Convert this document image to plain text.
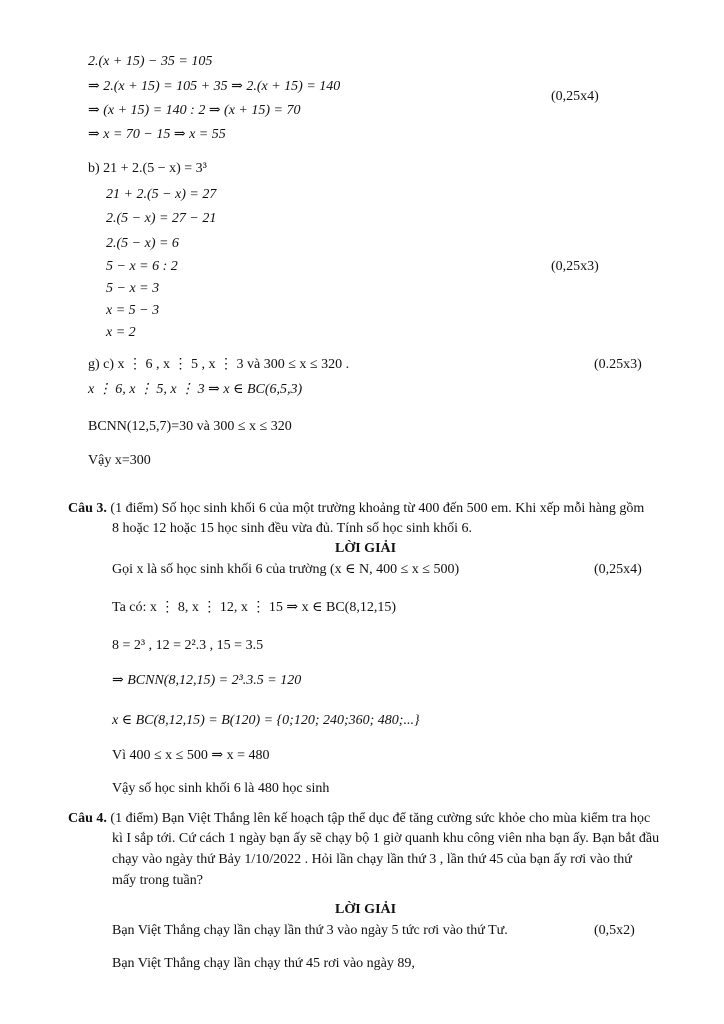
2.(x + 15) − 35 = 105
⇒ 2.(x + 15) = 105 + 35 ⇒ 2.(x + 15) = 140
⇒ (x + 15) = 140 : 2 ⇒ (x + 15) = 70
⇒ x = 70 − 15 ⇒ x = 55
(0,25x4)
b) 21 + 2.(5 − x) = 3³
21 + 2.(5 − x) = 27
2.(5 − x) = 27 − 21
2.(5 − x) = 6
5 − x = 6 : 2
5 − x = 3
x = 5 − 3
x = 2
(0,25x3)
g) c) x ⋮ 6 , x ⋮ 5 , x ⋮ 3 và 300 ≤ x ≤ 320 .
x ⋮ 6, x ⋮ 5, x ⋮ 3 ⇒ x ∈ BC(6,5,3)
BCNN(12,5,7)=30 và 300 ≤ x ≤ 320
Vậy x=300
(0.25x3)
Câu 3. (1 điểm) Số học sinh khối 6 của một trường khoảng từ 400 đến 500 em. Khi xếp mỗi hàng gồm
8 hoặc 12 hoặc 15 học sinh đều vừa đủ. Tính số học sinh khối 6.
LỜI GIẢI
Gọi x là số học sinh khối 6 của trường (x ∈ N, 400 ≤ x ≤ 500)	(0,25x4)
Ta có: x ⋮ 8, x ⋮ 12, x ⋮ 15 ⇒ x ∈ BC(8,12,15)
8 = 2³ , 12 = 2².3 , 15 = 3.5
⇒ BCNN(8,12,15) = 2³.3.5 = 120
x ∈ BC(8,12,15) = B(120) = {0;120; 240;360; 480;...}
Vì 400 ≤ x ≤ 500 ⇒ x = 480
Vậy số học sinh khối 6 là 480 học sinh
Câu 4. (1 điểm) Bạn Việt Thắng lên kế hoạch tập thể dục để tăng cường sức khỏe cho mùa kiểm tra học
kì I sắp tới. Cứ cách 1 ngày bạn ấy sẽ chạy bộ 1 giờ quanh khu công viên nha bạn ấy. Bạn bắt đầu
chạy vào ngày thứ Bảy 1/10/2022 . Hỏi lần chạy lần thứ 3 , lần thứ 45 của bạn ấy rơi vào thứ
mấy trong tuần?
LỜI GIẢI
Bạn Việt Thắng chạy lần chạy lần thứ 3 vào ngày 5 tức rơi vào thứ Tư.	(0,5x2)
Bạn Việt Thắng chạy lần chạy thứ 45 rơi vào ngày 89,
